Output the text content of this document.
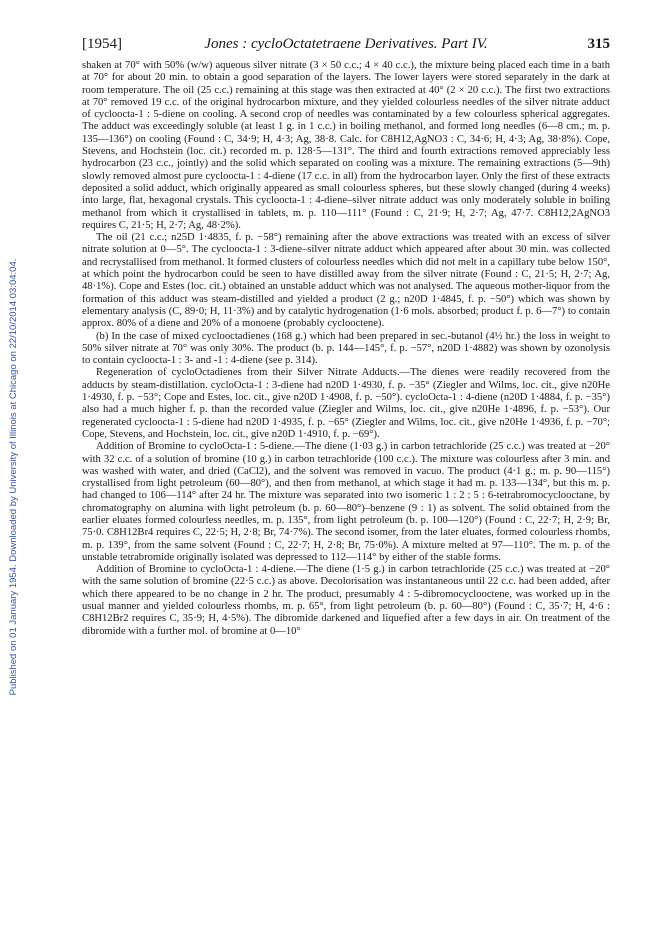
Published on 01 January 1954. Downloaded by University of Illinois at Chicago on 22/10/2014 03:04:04.
[1954]	Jones : cycloOctatetraene Derivatives. Part IV.	315

shaken at 70° with 50% (w/w) aqueous silver nitrate (3 × 50 c.c.; 4 × 40 c.c.), the mixture being placed each time in a bath at 70° for about 20 min. to obtain a good separation of the layers. The lower layers were stored separately in the dark at room temperature. The oil (25 c.c.) remaining at this stage was then extracted at 40° (2 × 20 c.c.). The first two extractions at 70° removed 19 c.c. of the original hydrocarbon mixture, and they yielded colourless needles of the silver nitrate adduct of cycloocta-1 : 5-diene on cooling. A second crop of needles was contaminated by a few colourless spherical aggregates. The adduct was exceedingly soluble (at least 1 g. in 1 c.c.) in boiling methanol, and formed long needles (6—8 cm.; m. p. 135—136°) on cooling (Found : C, 34·9; H, 4·3; Ag, 38·8. Calc. for C8H12,AgNO3 : C, 34·6; H, 4·3; Ag, 38·8%). Cope, Stevens, and Hochstein (loc. cit.) recorded m. p. 128·5—131°. The third and fourth extractions removed appreciably less hydrocarbon (23 c.c., jointly) and the solid which separated on cooling was a mixture. The remaining extractions (5—9th) slowly removed almost pure cycloocta-1 : 4-diene (17 c.c. in all) from the hydrocarbon layer. Only the first of these extracts deposited a solid adduct, which originally appeared as small colourless spheres, but these slowly changed (during 4 weeks) into large, flat, hexagonal crystals. This cycloocta-1 : 4-diene–silver nitrate adduct was only moderately soluble in boiling methanol from which it crystallised in tablets, m. p. 110—111° (Found : C, 21·9; H, 2·7; Ag, 47·7. C8H12,2AgNO3 requires C, 21·5; H, 2·7; Ag, 48·2%).

The oil (21 c.c.; n25D 1·4835, f. p. −58°) remaining after the above extractions was treated with an excess of silver nitrate solution at 0—5°. The cycloocta-1 : 3-diene–silver nitrate adduct which appeared after about 30 min. was collected and recrystallised from methanol. It formed clusters of colourless needles which did not melt in a capillary tube below 150°, at which point the hydrocarbon could be seen to have distilled away from the silver nitrate (Found : C, 21·5; H, 2·7; Ag, 48·1%). Cope and Estes (loc. cit.) obtained an unstable adduct which was not analysed. The aqueous mother-liquor from the formation of this adduct was steam-distilled and yielded a product (2 g.; n20D 1·4845, f. p. −50°) which was shown by elementary analysis (C, 89·0; H, 11·3%) and by catalytic hydrogenation (1·6 mols. absorbed; product f. p. 6—7°) to contain approx. 80% of a diene and 20% of a monoene (probably cyclooctene).

(b) In the case of mixed cyclooctadienes (168 g.) which had been prepared in sec.-butanol (4½ hr.) the loss in weight to 50% silver nitrate at 70° was only 30%. The product (b. p. 144—145°, f. p. −57°, n20D 1·4882) was shown by ozonolysis to contain cycloocta-1 : 3- and -1 : 4-diene (see p. 314).

Regeneration of cycloOctadienes from their Silver Nitrate Adducts.—The dienes were readily recovered from the adducts by steam-distillation. cycloOcta-1 : 3-diene had n20D 1·4930, f. p. −35° (Ziegler and Wilms, loc. cit., give n20He 1·4930, f. p. −53°; Cope and Estes, loc. cit., give n20D 1·4908, f. p. −50°). cycloOcta-1 : 4-diene (n20D 1·4884, f. p. −35°) also had a much higher f. p. than the recorded value (Ziegler and Wilms, loc. cit., give n20He 1·4896, f. p. −53°). Our regenerated cycloocta-1 : 5-diene had n20D 1·4935, f. p. −65° (Ziegler and Wilms, loc. cit., give n20He 1·4936, f. p. −70°; Cope, Stevens, and Hochstein, loc. cit., give n20D 1·4910, f. p. −69°).

Addition of Bromine to cycloOcta-1 : 5-diene.—The diene (1·03 g.) in carbon tetrachloride (25 c.c.) was treated at −20° with 32 c.c. of a solution of bromine (10 g.) in carbon tetrachloride (100 c.c.). The mixture was colourless after 3 min. and was washed with water, and dried (CaCl2), and the solvent was removed in vacuo. The product (4·1 g.; m. p. 90—115°) crystallised from light petroleum (60—80°), and then from methanol, at which stage it had m. p. 133—134°, but this m. p. had changed to 106—114° after 24 hr. The mixture was separated into two isomeric 1 : 2 : 5 : 6-tetrabromocyclooctane, by chromatography on alumina with light petroleum (b. p. 60—80°)–benzene (9 : 1) as solvent. The solid obtained from the earlier eluates formed colourless needles, m. p. 135°, from light petroleum (b. p. 100—120°) (Found : C, 22·7; H, 2·9; Br, 75·0. C8H12Br4 requires C, 22·5; H, 2·8; Br, 74·7%). The second isomer, from the later eluates, formed colourless rhombs, m. p. 139°, from the same solvent (Found : C, 22·7; H, 2·8; Br, 75·0%). A mixture melted at 97—110°. The m. p. of the unstable tetrabromide originally isolated was depressed to 112—114° by either of the stable forms.

Addition of Bromine to cycloOcta-1 : 4-diene.—The diene (1·5 g.) in carbon tetrachloride (25 c.c.) was treated at −20° with the same solution of bromine (22·5 c.c.) as above. Decolorisation was instantaneous until 22 c.c. had been added, after which there appeared to be no change in 2 hr. The product, presumably 4 : 5-dibromocyclooctene, was worked up in the usual manner and yielded colourless rhombs, m. p. 65°, from light petroleum (b. p. 60—80°) (Found : C, 35·7; H, 4·6 : C8H12Br2 requires C, 35·9; H, 4·5%). The dibromide darkened and liquefied after a few days in air. On treatment of the dibromide with a further mol. of bromine at 0—10°
